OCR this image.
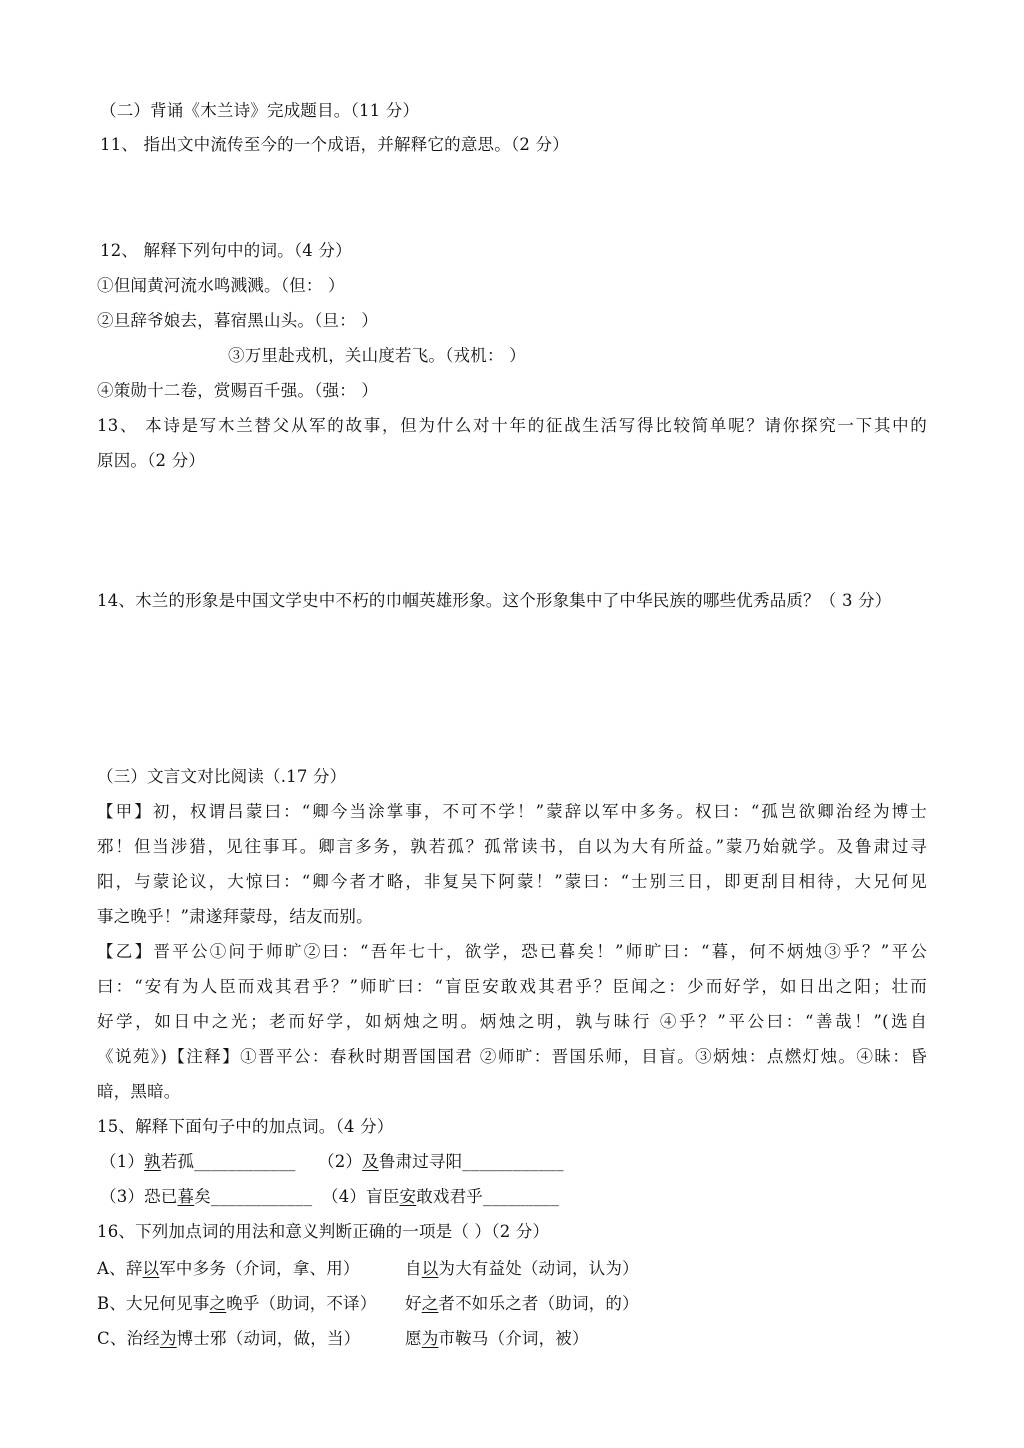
（二）背诵《木兰诗》完成题目。（11 分）
11、 指出文中流传至今的一个成语，并解释它的意思。（2 分）
12、 解释下列句中的词。（4 分）
①但闻黄河流水鸣溅溅。（但： ）
②旦辞爷娘去，暮宿黑山头。（旦： ）
③万里赴戎机，关山度若飞。（戎机： ）
④策勋十二卷，赏赐百千强。（强： ）
13、 本诗是写木兰替父从军的故事，但为什么对十年的征战生活写得比较简单呢？请你探究一下其中的
原因。（2 分）
14、木兰的形象是中国文学史中不朽的巾帼英雄形象。这个形象集中了中华民族的哪些优秀品质？（ 3 分）
（三）文言文对比阅读（.17 分）
【甲】初，权谓吕蒙曰：“卿今当涂掌事，不可不学！”蒙辞以军中多务。权曰：“孤岂欲卿治经为博士
邪！但当涉猎，见往事耳。卿言多务，孰若孤？孤常读书，自以为大有所益。”蒙乃始就学。及鲁肃过寻
阳，与蒙论议，大惊曰：“卿今者才略，非复吴下阿蒙！”蒙曰：“士别三日，即更刮目相待，大兄何见
事之晚乎！”肃遂拜蒙母，结友而别。
【乙】晋平公①问于师旷②曰：“吾年七十，欲学，恐已暮矣！”师旷曰：“暮，何不炳烛③乎？”平公
曰：“安有为人臣而戏其君乎？”师旷曰：“盲臣安敢戏其君乎？臣闻之：少而好学，如日出之阳；壮而
好学，如日中之光；老而好学，如炳烛之明。炳烛之明，孰与昧行 ④乎？”平公曰：“善哉！”(选自
《说苑》)【注释】①晋平公：春秋时期晋国国君 ②师旷：晋国乐师，目盲。③炳烛：点燃灯烛。④昧：昏
暗，黑暗。
15、解释下面句子中的加点词。（4 分）
（1）孰若孤____________ （2）及鲁肃过寻阳____________
（3）恐已暮矣____________ （4）盲臣安敢戏君乎_________
16、下列加点词的用法和意义判断正确的一项是（ ）（2 分）
A、辞以军中多务（介词，拿、用）	自以为大有益处（动词，认为）
B、大兄何见事之晚乎（助词，不译） 好之者不如乐之者（助词，的）
C、治经为博士邪（动词，做，当）	愿为市鞍马（介词，被）
